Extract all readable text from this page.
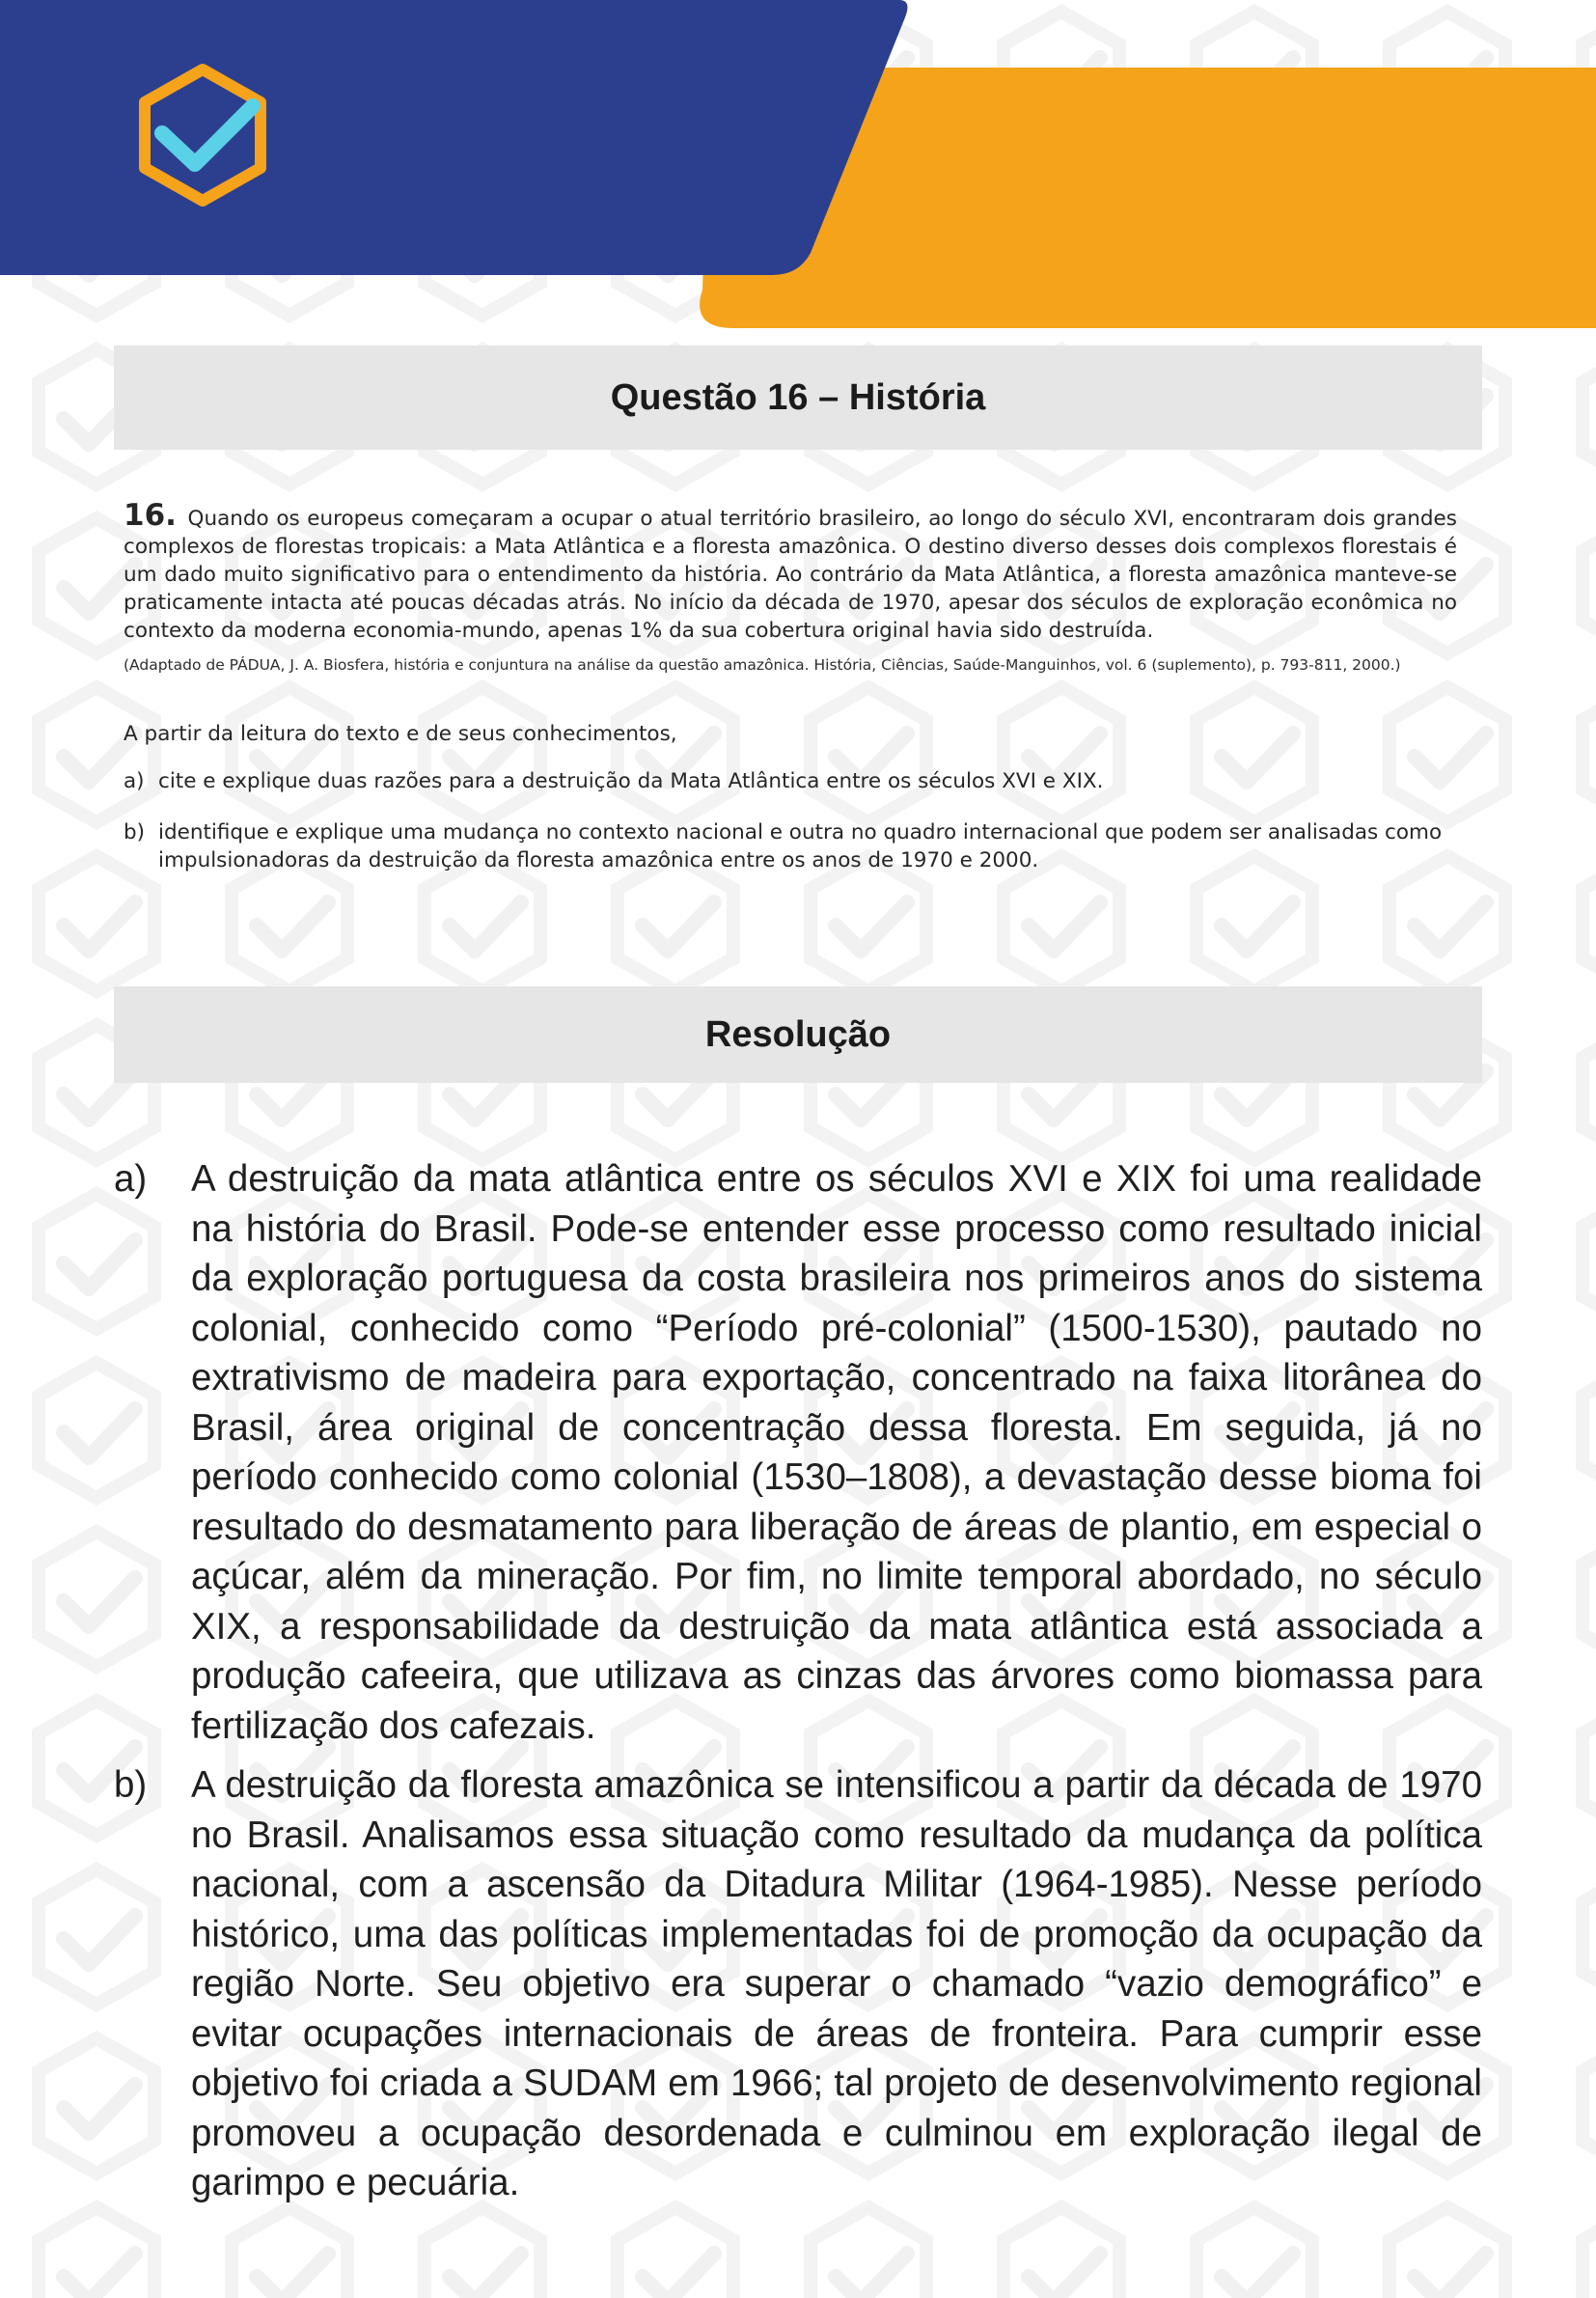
Questão 16 – História
16. Quando os europeus começaram a ocupar o atual território brasileiro, ao longo do século XVI, encontraram dois grandes complexos de florestas tropicais: a Mata Atlântica e a floresta amazônica. O destino diverso desses dois complexos florestais é um dado muito significativo para o entendimento da história. Ao contrário da Mata Atlântica, a floresta amazônica manteve-se praticamente intacta até poucas décadas atrás. No início da década de 1970, apesar dos séculos de exploração econômica no contexto da moderna economia-mundo, apenas 1% da sua cobertura original havia sido destruída.
(Adaptado de PÁDUA, J. A. Biosfera, história e conjuntura na análise da questão amazônica. História, Ciências, Saúde-Manguinhos, vol. 6 (suplemento), p. 793-811, 2000.)
A partir da leitura do texto e de seus conhecimentos,
a) cite e explique duas razões para a destruição da Mata Atlântica entre os séculos XVI e XIX.
b) identifique e explique uma mudança no contexto nacional e outra no quadro internacional que podem ser analisadas como impulsionadoras da destruição da floresta amazônica entre os anos de 1970 e 2000.
Resolução
a)	A destruição da mata atlântica entre os séculos XVI e XIX foi uma realidade na história do Brasil. Pode-se entender esse processo como resultado inicial da exploração portuguesa da costa brasileira nos primeiros anos do sistema colonial, conhecido como “Período pré-colonial” (1500-1530), pautado no extrativismo de madeira para exportação, concentrado na faixa litorânea do Brasil, área original de concentração dessa floresta. Em seguida, já no período conhecido como colonial (1530–1808), a devastação desse bioma foi resultado do desmatamento para liberação de áreas de plantio, em especial o açúcar, além da mineração. Por fim, no limite temporal abordado, no século XIX, a responsabilidade da destruição da mata atlântica está associada a produção cafeeira, que utilizava as cinzas das árvores como biomassa para fertilização dos cafezais.
b)	A destruição da floresta amazônica se intensificou a partir da década de 1970 no Brasil. Analisamos essa situação como resultado da mudança da política nacional, com a ascensão da Ditadura Militar (1964-1985). Nesse período histórico, uma das políticas implementadas foi de promoção da ocupação da região Norte. Seu objetivo era superar o chamado “vazio demográfico” e evitar ocupações internacionais de áreas de fronteira. Para cumprir esse objetivo foi criada a SUDAM em 1966; tal projeto de desenvolvimento regional promoveu a ocupação desordenada e culminou em exploração ilegal de garimpo e pecuária.
